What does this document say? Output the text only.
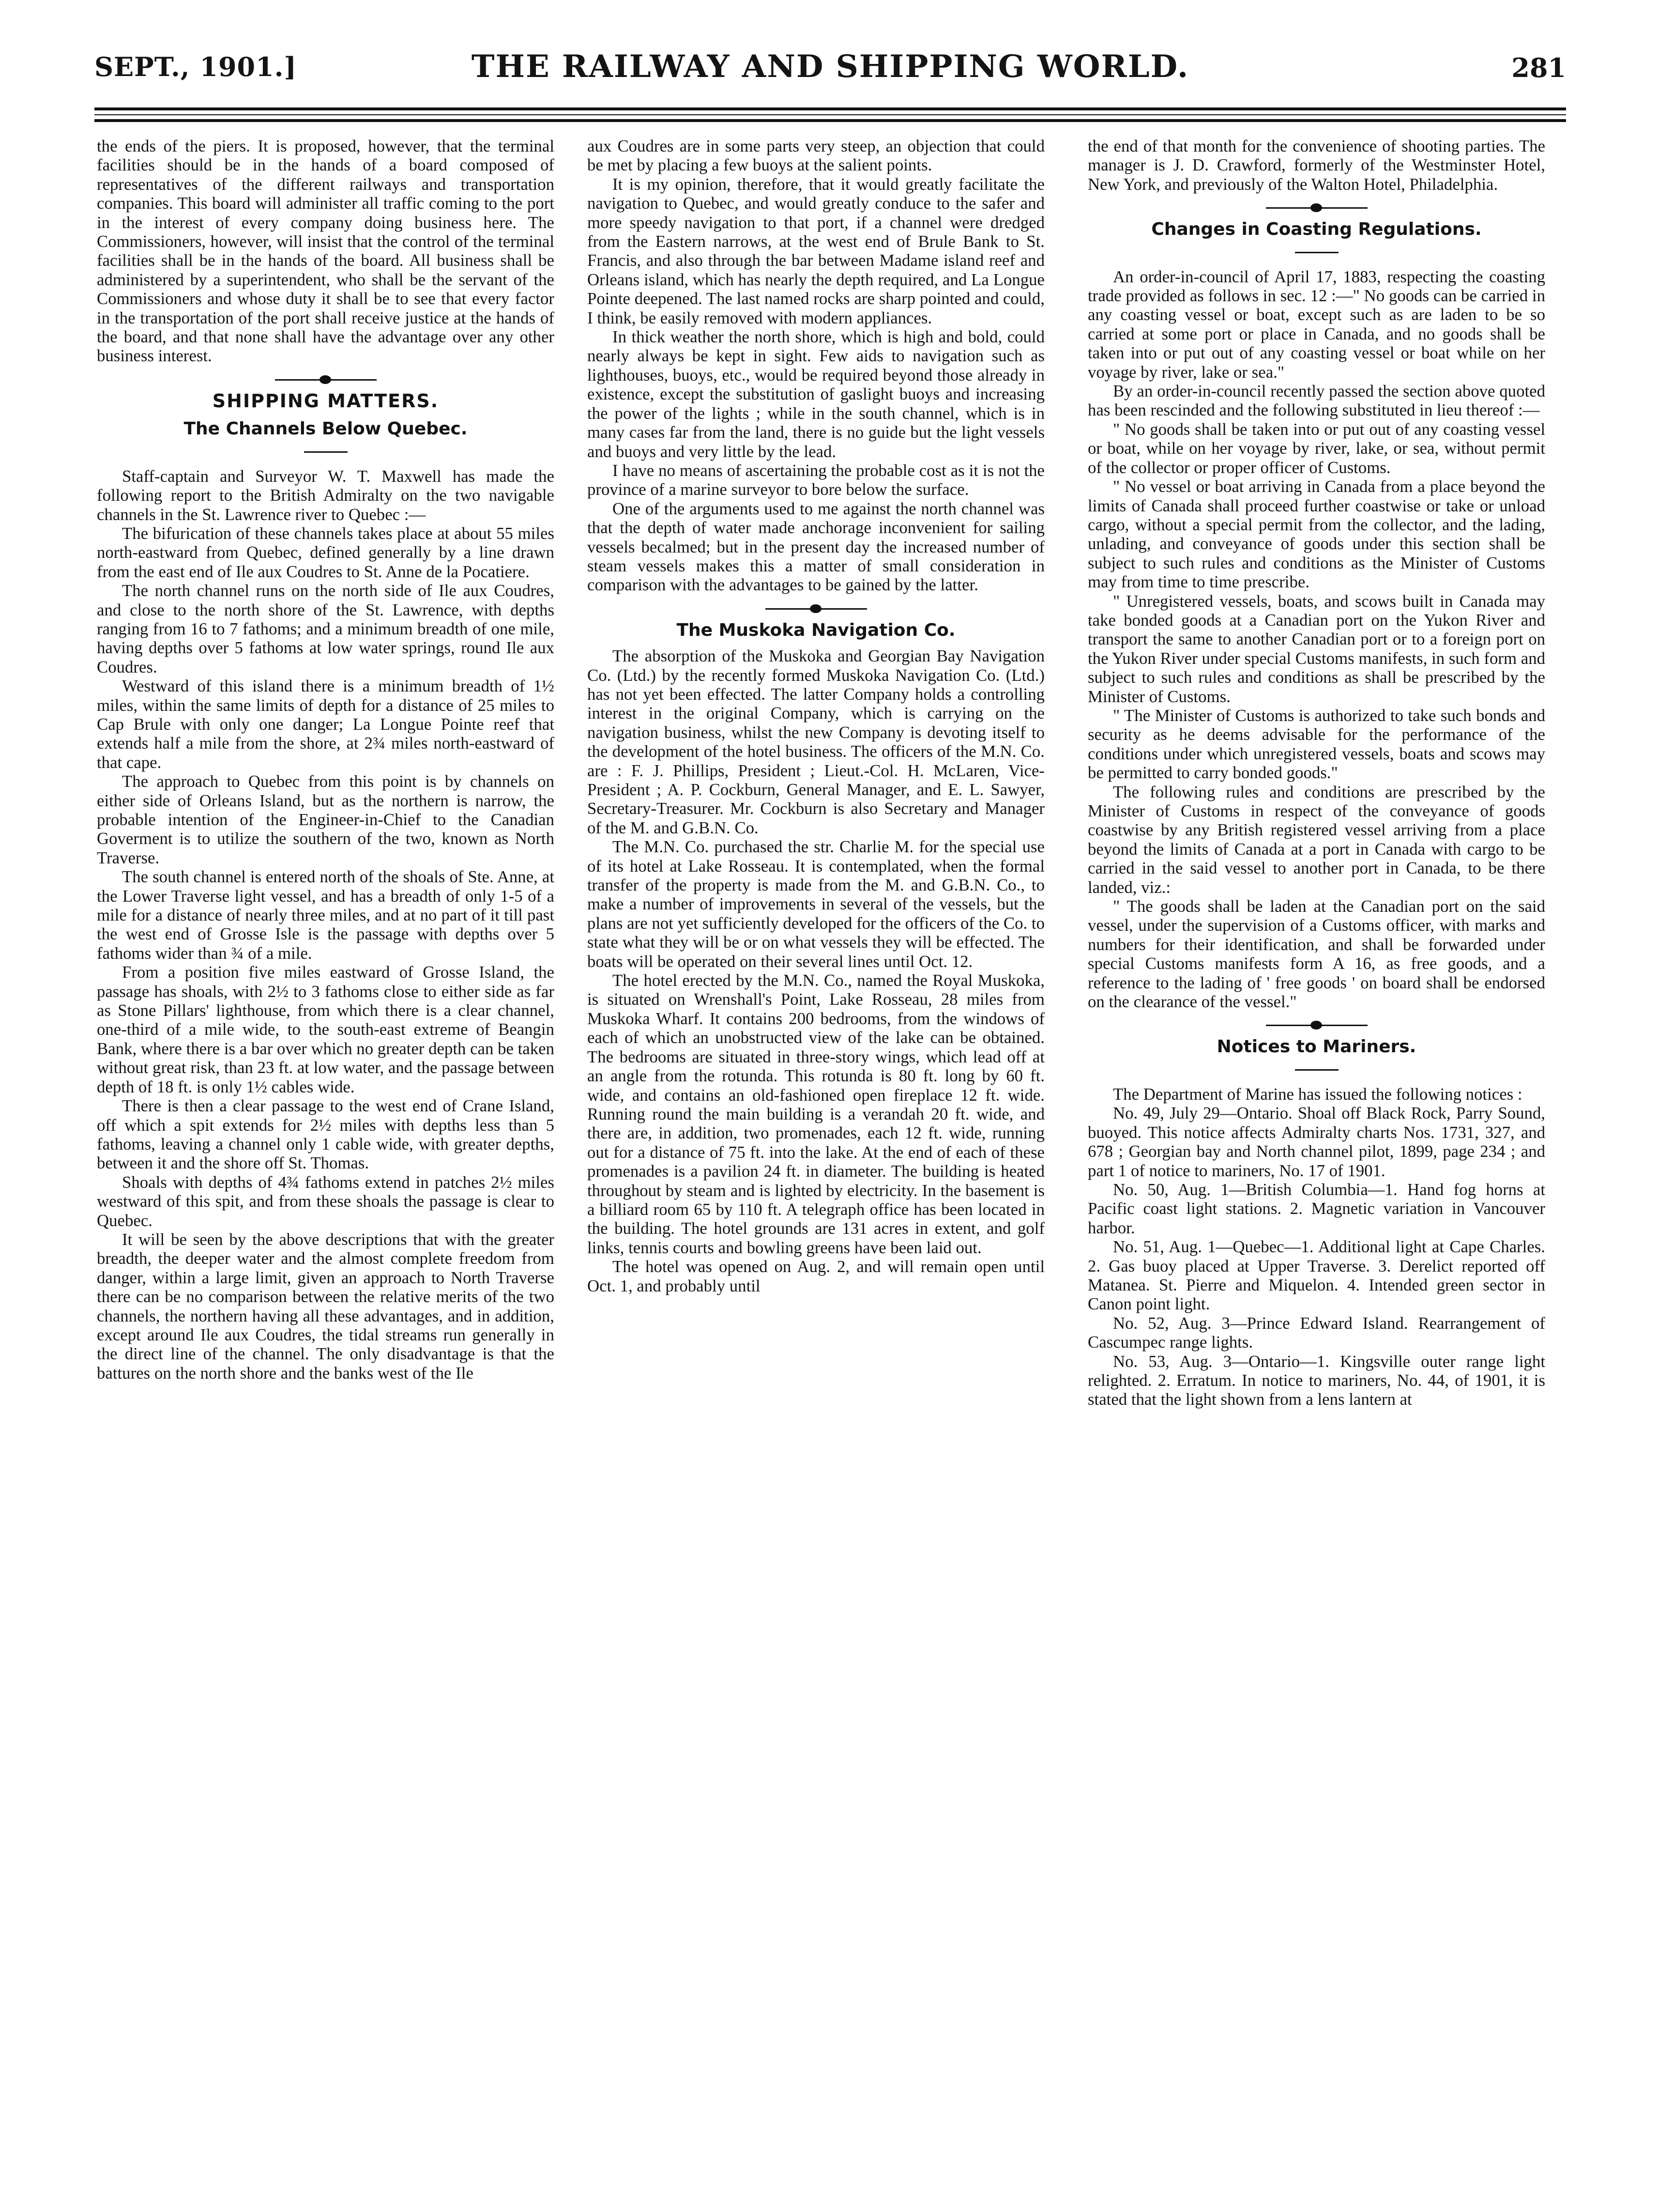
SEPT., 1901.]	THE RAILWAY AND SHIPPING WORLD.	281

the ends of the piers. It is proposed, however, that the terminal facilities should be in the hands of a board composed of representatives of the different railways and transportation companies. This board will administer all traffic coming to the port in the interest of every company doing business here. The Commissioners, however, will insist that the control of the terminal facilities shall be in the hands of the board. All business shall be administered by a superintendent, who shall be the servant of the Commissioners and whose duty it shall be to see that every factor in the transportation of the port shall receive justice at the hands of the board, and that none shall have the advantage over any other business interest.

SHIPPING MATTERS.
The Channels Below Quebec.

Staff-captain and Surveyor W. T. Maxwell has made the following report to the British Admiralty on the two navigable channels in the St. Lawrence river to Quebec :—

The bifurication of these channels takes place at about 55 miles north-eastward from Quebec, defined generally by a line drawn from the east end of Ile aux Coudres to St. Anne de la Pocatiere.

The north channel runs on the north side of Ile aux Coudres, and close to the north shore of the St. Lawrence, with depths ranging from 16 to 7 fathoms; and a minimum breadth of one mile, having depths over 5 fathoms at low water springs, round Ile aux Coudres.

Westward of this island there is a minimum breadth of 1½ miles, within the same limits of depth for a distance of 25 miles to Cap Brule with only one danger; La Longue Pointe reef that extends half a mile from the shore, at 2¾ miles north-eastward of that cape.

The approach to Quebec from this point is by channels on either side of Orleans Island, but as the northern is narrow, the probable intention of the Engineer-in-Chief to the Canadian Goverment is to utilize the southern of the two, known as North Traverse.

The south channel is entered north of the shoals of Ste. Anne, at the Lower Traverse light vessel, and has a breadth of only 1-5 of a mile for a distance of nearly three miles, and at no part of it till past the west end of Grosse Isle is the passage with depths over 5 fathoms wider than ¾ of a mile.

From a position five miles eastward of Grosse Island, the passage has shoals, with 2½ to 3 fathoms close to either side as far as Stone Pillars' lighthouse, from which there is a clear channel, one-third of a mile wide, to the south-east extreme of Beangin Bank, where there is a bar over which no greater depth can be taken without great risk, than 23 ft. at low water, and the passage between depth of 18 ft. is only 1½ cables wide.

There is then a clear passage to the west end of Crane Island, off which a spit extends for 2½ miles with depths less than 5 fathoms, leaving a channel only 1 cable wide, with greater depths, between it and the shore off St. Thomas.

Shoals with depths of 4¾ fathoms extend in patches 2½ miles westward of this spit, and from these shoals the passage is clear to Quebec.

It will be seen by the above descriptions that with the greater breadth, the deeper water and the almost complete freedom from danger, within a large limit, given an approach to North Traverse there can be no comparison between the relative merits of the two channels, the northern having all these advantages, and in addition, except around Ile aux Coudres, the tidal streams run generally in the direct line of the channel. The only disadvantage is that the battures on the north shore and the banks west of the Ile

aux Coudres are in some parts very steep, an objection that could be met by placing a few buoys at the salient points.

It is my opinion, therefore, that it would greatly facilitate the navigation to Quebec, and would greatly conduce to the safer and more speedy navigation to that port, if a channel were dredged from the Eastern narrows, at the west end of Brule Bank to St. Francis, and also through the bar between Madame island reef and Orleans island, which has nearly the depth required, and La Longue Pointe deepened. The last named rocks are sharp pointed and could, I think, be easily removed with modern appliances.

In thick weather the north shore, which is high and bold, could nearly always be kept in sight. Few aids to navigation such as lighthouses, buoys, etc., would be required beyond those already in existence, except the substitution of gaslight buoys and increasing the power of the lights ; while in the south channel, which is in many cases far from the land, there is no guide but the light vessels and buoys and very little by the lead.

I have no means of ascertaining the probable cost as it is not the province of a marine surveyor to bore below the surface.

One of the arguments used to me against the north channel was that the depth of water made anchorage inconvenient for sailing vessels becalmed; but in the present day the increased number of steam vessels makes this a matter of small consideration in comparison with the advantages to be gained by the latter.

The Muskoka Navigation Co.

The absorption of the Muskoka and Georgian Bay Navigation Co. (Ltd.) by the recently formed Muskoka Navigation Co. (Ltd.) has not yet been effected. The latter Company holds a controlling interest in the original Company, which is carrying on the navigation business, whilst the new Company is devoting itself to the development of the hotel business. The officers of the M.N. Co. are : F. J. Phillips, President ; Lieut.-Col. H. McLaren, Vice-President ; A. P. Cockburn, General Manager, and E. L. Sawyer, Secretary-Treasurer. Mr. Cockburn is also Secretary and Manager of the M. and G.B.N. Co.

The M.N. Co. purchased the str. Charlie M. for the special use of its hotel at Lake Rosseau. It is contemplated, when the formal transfer of the property is made from the M. and G.B.N. Co., to make a number of improvements in several of the vessels, but the plans are not yet sufficiently developed for the officers of the Co. to state what they will be or on what vessels they will be effected. The boats will be operated on their several lines until Oct. 12.

The hotel erected by the M.N. Co., named the Royal Muskoka, is situated on Wrenshall's Point, Lake Rosseau, 28 miles from Muskoka Wharf. It contains 200 bedrooms, from the windows of each of which an unobstructed view of the lake can be obtained. The bedrooms are situated in three-story wings, which lead off at an angle from the rotunda. This rotunda is 80 ft. long by 60 ft. wide, and contains an old-fashioned open fireplace 12 ft. wide. Running round the main building is a verandah 20 ft. wide, and there are, in addition, two promenades, each 12 ft. wide, running out for a distance of 75 ft. into the lake. At the end of each of these promenades is a pavilion 24 ft. in diameter. The building is heated throughout by steam and is lighted by electricity. In the basement is a billiard room 65 by 110 ft. A telegraph office has been located in the building. The hotel grounds are 131 acres in extent, and golf links, tennis courts and bowling greens have been laid out.

The hotel was opened on Aug. 2, and will remain open until Oct. 1, and probably until

the end of that month for the convenience of shooting parties. The manager is J. D. Crawford, formerly of the Westminster Hotel, New York, and previously of the Walton Hotel, Philadelphia.

Changes in Coasting Regulations.

An order-in-council of April 17, 1883, respecting the coasting trade provided as follows in sec. 12 :—" No goods can be carried in any coasting vessel or boat, except such as are laden to be so carried at some port or place in Canada, and no goods shall be taken into or put out of any coasting vessel or boat while on her voyage by river, lake or sea."

By an order-in-council recently passed the section above quoted has been rescinded and the following substituted in lieu thereof :—

" No goods shall be taken into or put out of any coasting vessel or boat, while on her voyage by river, lake, or sea, without permit of the collector or proper officer of Customs.

" No vessel or boat arriving in Canada from a place beyond the limits of Canada shall proceed further coastwise or take or unload cargo, without a special permit from the collector, and the lading, unlading, and conveyance of goods under this section shall be subject to such rules and conditions as the Minister of Customs may from time to time prescribe.

" Unregistered vessels, boats, and scows built in Canada may take bonded goods at a Canadian port on the Yukon River and transport the same to another Canadian port or to a foreign port on the Yukon River under special Customs manifests, in such form and subject to such rules and conditions as shall be prescribed by the Minister of Customs.

" The Minister of Customs is authorized to take such bonds and security as he deems advisable for the performance of the conditions under which unregistered vessels, boats and scows may be permitted to carry bonded goods."

The following rules and conditions are prescribed by the Minister of Customs in respect of the conveyance of goods coastwise by any British registered vessel arriving from a place beyond the limits of Canada at a port in Canada with cargo to be carried in the said vessel to another port in Canada, to be there landed, viz.:

" The goods shall be laden at the Canadian port on the said vessel, under the supervision of a Customs officer, with marks and numbers for their identification, and shall be forwarded under special Customs manifests form A 16, as free goods, and a reference to the lading of ' free goods ' on board shall be endorsed on the clearance of the vessel."

Notices to Mariners.

The Department of Marine has issued the following notices :

No. 49, July 29—Ontario. Shoal off Black Rock, Parry Sound, buoyed. This notice affects Admiralty charts Nos. 1731, 327, and 678 ; Georgian bay and North channel pilot, 1899, page 234 ; and part 1 of notice to mariners, No. 17 of 1901.

No. 50, Aug. 1—British Columbia—1. Hand fog horns at Pacific coast light stations. 2. Magnetic variation in Vancouver harbor.

No. 51, Aug. 1—Quebec—1. Additional light at Cape Charles. 2. Gas buoy placed at Upper Traverse. 3. Derelict reported off Matanea. St. Pierre and Miquelon. 4. Intended green sector in Canon point light.

No. 52, Aug. 3—Prince Edward Island. Rearrangement of Cascumpec range lights.

No. 53, Aug. 3—Ontario—1. Kingsville outer range light relighted. 2. Erratum. In notice to mariners, No. 44, of 1901, it is stated that the light shown from a lens lantern at
